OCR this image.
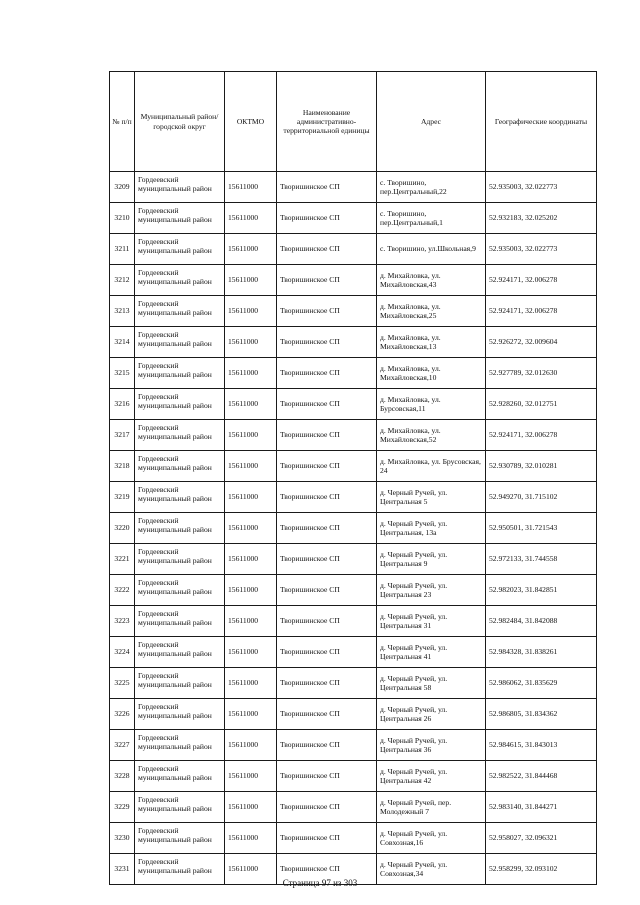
№ п/п	Муниципальный район/городской округ	ОКТМО	Наименование административно-территориальной единицы	Адрес	Географические координаты
3209	Гордеевский муниципальный район	15611000	Творишинское СП	с. Творишино, пер.Центральный,22	52.935003, 32.022773
3210	Гордеевский муниципальный район	15611000	Творишинское СП	с. Творишино, пер.Центральный,1	52.932183, 32.025202
3211	Гордеевский муниципальный район	15611000	Творишинское СП	с. Творишино, ул.Школьная,9	52.935003, 32.022773
3212	Гордеевский муниципальный район	15611000	Творишинское СП	д. Михайловка, ул. Михайловская,43	52.924171, 32.006278
3213	Гордеевский муниципальный район	15611000	Творишинское СП	д. Михайловка, ул. Михайловская,25	52.924171, 32.006278
3214	Гордеевский муниципальный район	15611000	Творишинское СП	д. Михайловка, ул. Михайловская,13	52.926272, 32.009604
3215	Гордеевский муниципальный район	15611000	Творишинское СП	д. Михайловка, ул. Михайловская,10	52.927789, 32.012630
3216	Гордеевский муниципальный район	15611000	Творишинское СП	д. Михайловка, ул. Бурсовская,11	52.928260, 32.012751
3217	Гордеевский муниципальный район	15611000	Творишинское СП	д. Михайловка, ул. Михайловская,52	52.924171, 32.006278
3218	Гордеевский муниципальный район	15611000	Творишинское СП	д. Михайловка, ул. Брусовская, 24	52.930789, 32.010281
3219	Гордеевский муниципальный район	15611000	Творишинское СП	д. Черный Ручей, ул. Центральная 5	52.949270, 31.715102
3220	Гордеевский муниципальный район	15611000	Творишинское СП	д. Черный Ручей, ул. Центральная, 13а	52.950501, 31.721543
3221	Гордеевский муниципальный район	15611000	Творишинское СП	д. Черный Ручей, ул. Центральная 9	52.972133, 31.744558
3222	Гордеевский муниципальный район	15611000	Творишинское СП	д. Черный Ручей, ул. Центральная 23	52.982023, 31.842851
3223	Гордеевский муниципальный район	15611000	Творишинское СП	д. Черный Ручей, ул. Центральная 31	52.982484, 31.842088
3224	Гордеевский муниципальный район	15611000	Творишинское СП	д. Черный Ручей, ул. Центральная 41	52.984328, 31.838261
3225	Гордеевский муниципальный район	15611000	Творишинское СП	д. Черный Ручей, ул. Центральная 58	52.986062, 31.835629
3226	Гордеевский муниципальный район	15611000	Творишинское СП	д. Черный Ручей, ул. Центральная 26	52.986805, 31.834362
3227	Гордеевский муниципальный район	15611000	Творишинское СП	д. Черный Ручей, ул. Центральная 36	52.984615, 31.843013
3228	Гордеевский муниципальный район	15611000	Творишинское СП	д. Черный Ручей, ул. Центральная 42	52.982522, 31.844468
3229	Гордеевский муниципальный район	15611000	Творишинское СП	д. Черный Ручей, пер. Молодежный 7	52.983140, 31.844271
3230	Гордеевский муниципальный район	15611000	Творишинское СП	д. Черный Ручей, ул. Совхозная,16	52.958027, 32.096321
3231	Гордеевский муниципальный район	15611000	Творишинское СП	д. Черный Ручей, ул. Совхозная,34	52.958299, 32.093102
Страница 97 из 303
